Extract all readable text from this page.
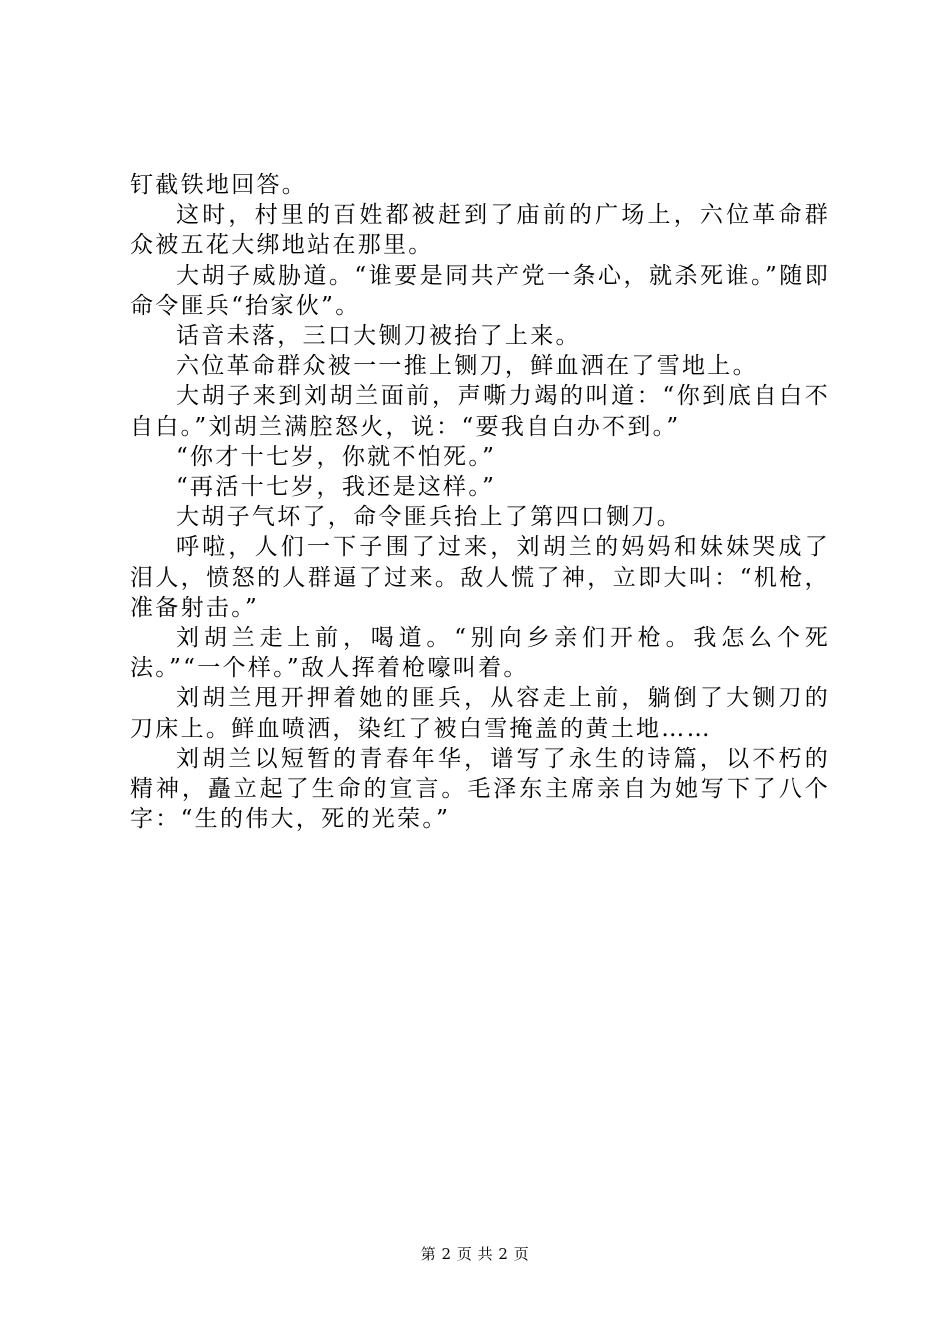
钉截铁地回答。

这时，村里的百姓都被赶到了庙前的广场上，六位革命群众被五花大绑地站在那里。

大胡子威胁道。“谁要是同共产党一条心，就杀死谁。”随即命令匪兵“抬家伙”。

话音未落，三口大铡刀被抬了上来。

六位革命群众被一一推上铡刀，鲜血洒在了雪地上。

大胡子来到刘胡兰面前，声嘶力竭的叫道：“你到底自白不自白。”刘胡兰满腔怒火，说：“要我自白办不到。”

“你才十七岁，你就不怕死。”

“再活十七岁，我还是这样。”

大胡子气坏了，命令匪兵抬上了第四口铡刀。

呼啦，人们一下子围了过来，刘胡兰的妈妈和妹妹哭成了泪人，愤怒的人群逼了过来。敌人慌了神，立即大叫：“机枪，准备射击。”

刘胡兰走上前，喝道。“别向乡亲们开枪。我怎么个死法。”“一个样。”敌人挥着枪嚎叫着。

刘胡兰甩开押着她的匪兵，从容走上前，躺倒了大铡刀的刀床上。鲜血喷洒，染红了被白雪掩盖的黄土地……

刘胡兰以短暂的青春年华，谱写了永生的诗篇，以不朽的精神，矗立起了生命的宣言。毛泽东主席亲自为她写下了八个字：“生的伟大，死的光荣。”

第 2 页 共 2 页
